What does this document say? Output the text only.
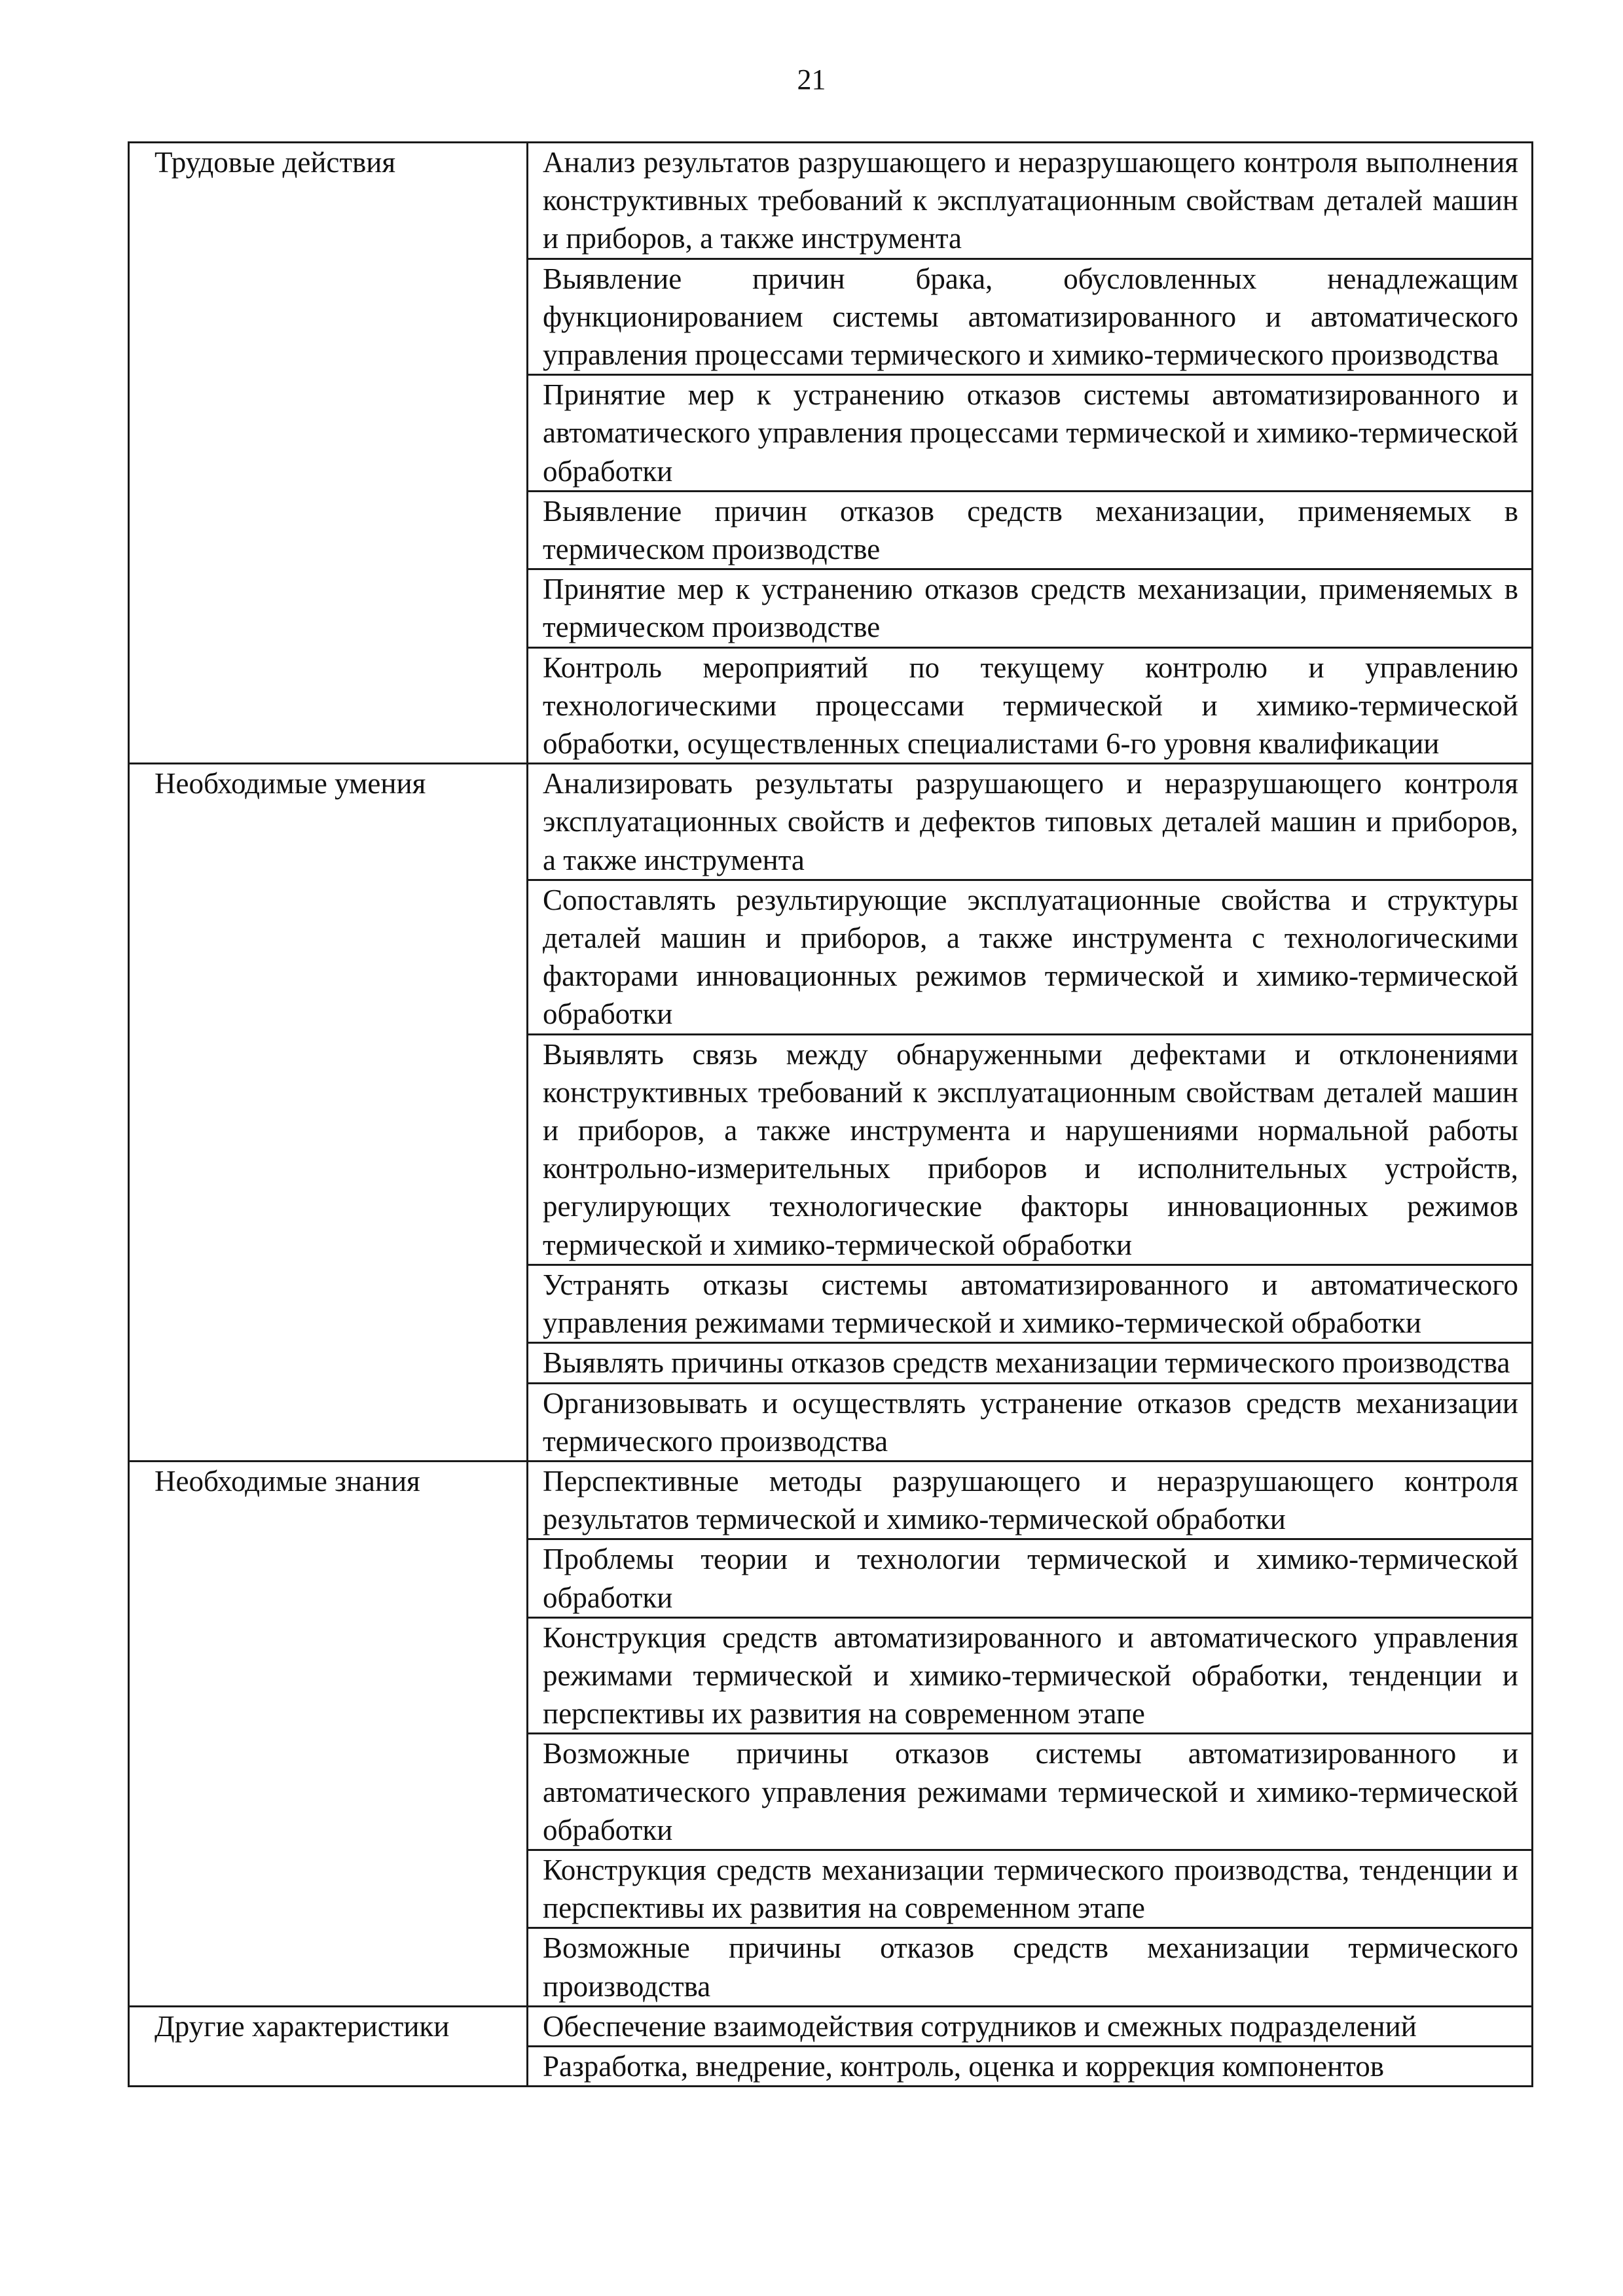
21
Трудовые действия	Анализ результатов разрушающего и неразрушающего контроля выполнения конструктивных требований к эксплуатационным свойствам деталей машин и приборов, а также инструмента
	Выявление причин брака, обусловленных ненадлежащим функционированием системы автоматизированного и автоматического управления процессами термического и химико-термического производства
	Принятие мер к устранению отказов системы автоматизированного и автоматического управления процессами термической и химико-термической обработки
	Выявление причин отказов средств механизации, применяемых в термическом производстве
	Принятие мер к устранению отказов средств механизации, применяемых в термическом производстве
	Контроль мероприятий по текущему контролю и управлению технологическими процессами термической и химико-термической обработки, осуществленных специалистами 6-го уровня квалификации
Необходимые умения	Анализировать результаты разрушающего и неразрушающего контроля эксплуатационных свойств и дефектов типовых деталей машин и приборов, а также инструмента
	Сопоставлять результирующие эксплуатационные свойства и структуры деталей машин и приборов, а также инструмента с технологическими факторами инновационных режимов термической и химико-термической обработки
	Выявлять связь между обнаруженными дефектами и отклонениями конструктивных требований к эксплуатационным свойствам деталей машин и приборов, а также инструмента и нарушениями нормальной работы контрольно-измерительных приборов и исполнительных устройств, регулирующих технологические факторы инновационных режимов термической и химико-термической обработки
	Устранять отказы системы автоматизированного и автоматического управления режимами термической и химико-термической обработки
	Выявлять причины отказов средств механизации термического производства
	Организовывать и осуществлять устранение отказов средств механизации термического производства
Необходимые знания	Перспективные методы разрушающего и неразрушающего контроля результатов термической и химико-термической обработки
	Проблемы теории и технологии термической и химико-термической обработки
	Конструкция средств автоматизированного и автоматического управления режимами термической и химико-термической обработки, тенденции и перспективы их развития на современном этапе
	Возможные причины отказов системы автоматизированного и автоматического управления режимами термической и химико-термической обработки
	Конструкция средств механизации термического производства, тенденции и перспективы их развития на современном этапе
	Возможные причины отказов средств механизации термического производства
Другие характеристики	Обеспечение взаимодействия сотрудников и смежных подразделений
	Разработка, внедрение, контроль, оценка и коррекция компонентов
